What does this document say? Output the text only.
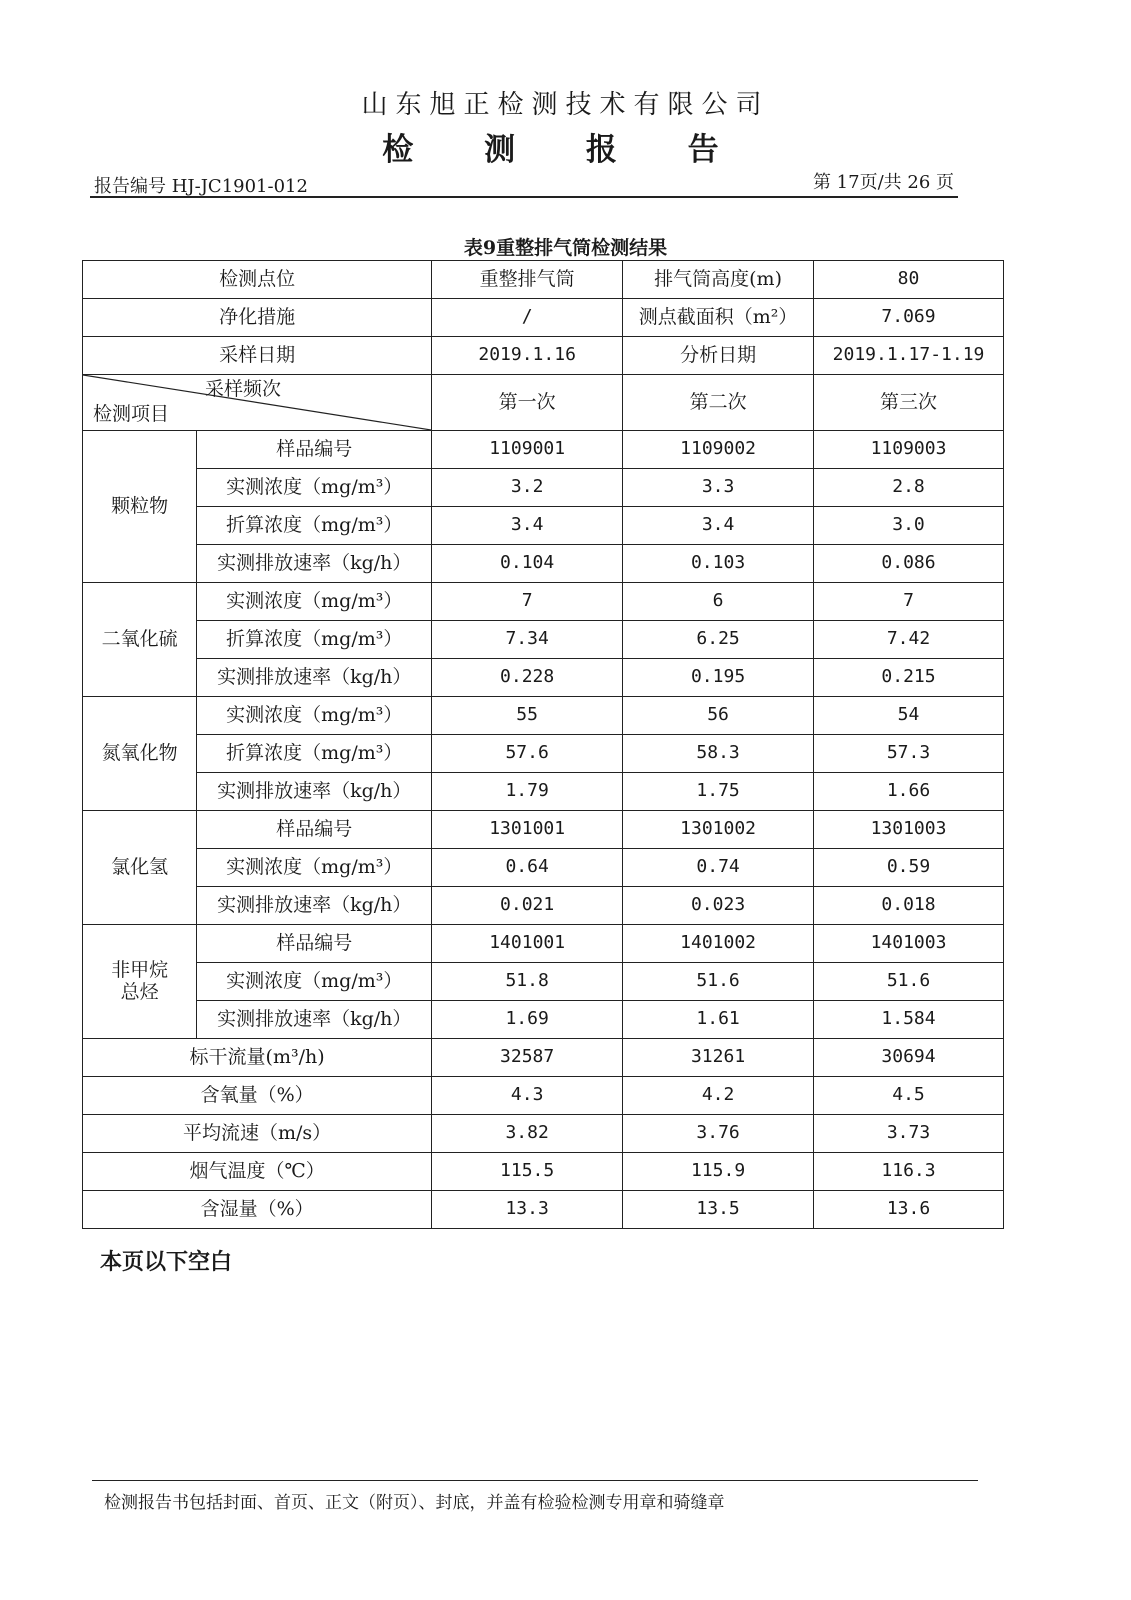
山东旭正检测技术有限公司
检 测 报 告
报告编号 HJ-JC1901-012	第 17页/共 26 页
表9重整排气筒检测结果
检测点位		重整排气筒	排气筒高度(m)	80
净化措施		/	测点截面积（m²）	7.069
采样日期		2019.1.16	分析日期	2019.1.17-1.19

采样频次
检测项目		第一次	第二次	第三次
颗粒物	样品编号	1109001	1109002	1109003
	实测浓度（mg/m³）	3.2	3.3	2.8
	折算浓度（mg/m³）	3.4	3.4	3.0
	实测排放速率（kg/h）	0.104	0.103	0.086
二氧化硫	实测浓度（mg/m³）	7	6	7
	折算浓度（mg/m³）	7.34	6.25	7.42
	实测排放速率（kg/h）	0.228	0.195	0.215
氮氧化物	实测浓度（mg/m³）	55	56	54
	折算浓度（mg/m³）	57.6	58.3	57.3
	实测排放速率（kg/h）	1.79	1.75	1.66
氯化氢	样品编号	1301001	1301002	1301003
	实测浓度（mg/m³）	0.64	0.74	0.59
	实测排放速率（kg/h）	0.021	0.023	0.018
非甲烷总烃	样品编号	1401001	1401002	1401003
	实测浓度（mg/m³）	51.8	51.6	51.6
	实测排放速率（kg/h）	1.69	1.61	1.584
标干流量(m³/h)		32587	31261	30694
含氧量（%）		4.3	4.2	4.5
平均流速（m/s）		3.82	3.76	3.73
烟气温度（℃）		115.5	115.9	116.3
含湿量（%）		13.3	13.5	13.6
本页以下空白
检测报告书包括封面、首页、正文（附页）、封底，并盖有检验检测专用章和骑缝章
